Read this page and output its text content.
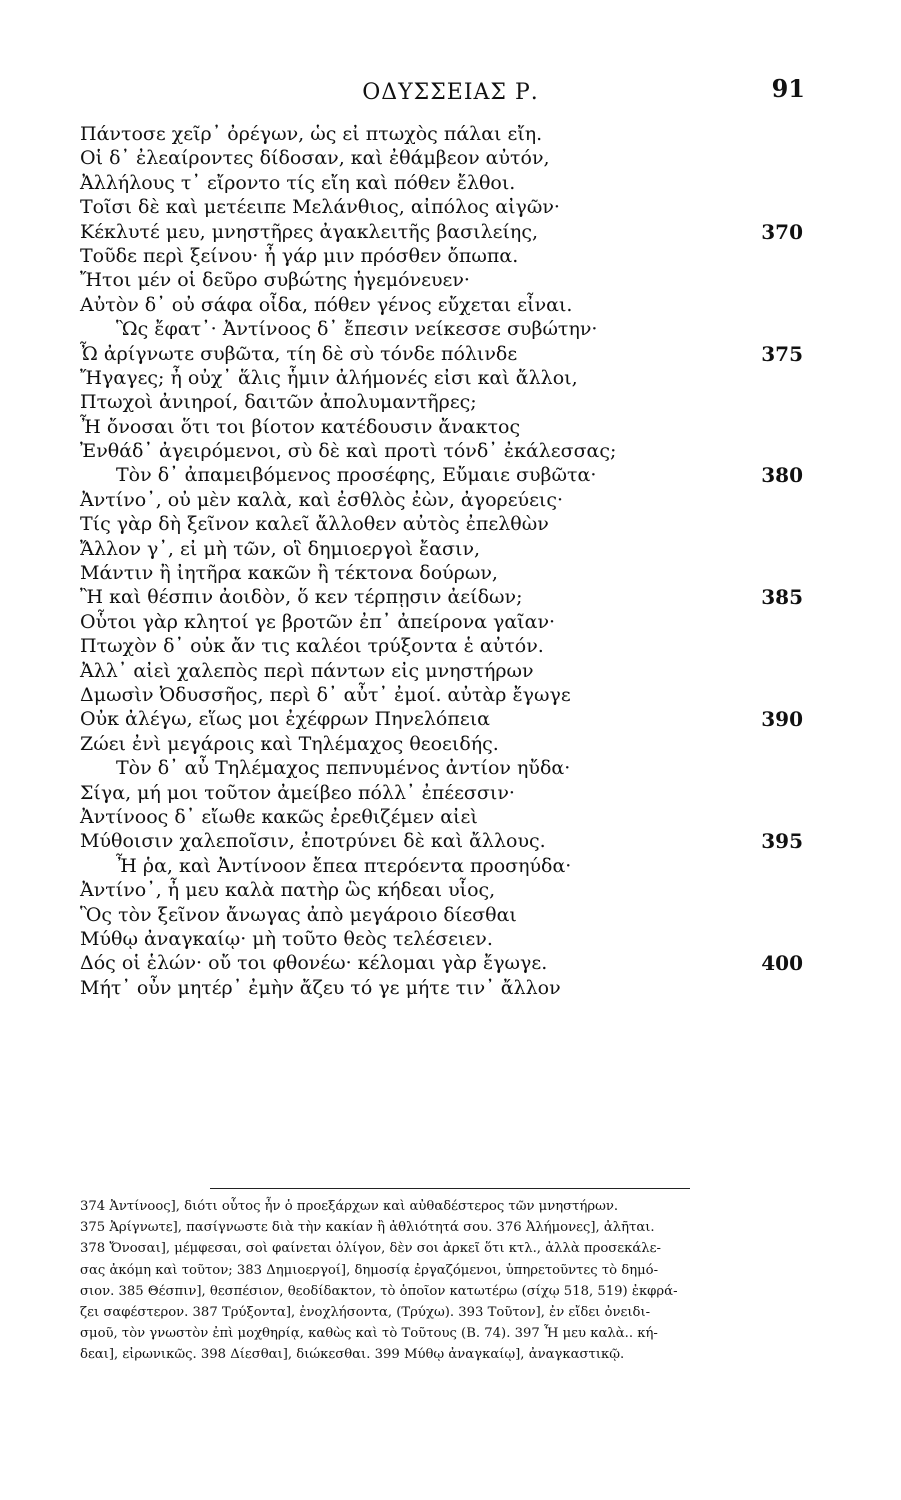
ΟΔΥΣΣΕΙΑΣ Ρ.	91
Πάντοσε χεῖρ᾽ ὀρέγων, ὡς εἰ πτωχὸς πάλαι εἴη.
Οἱ δ᾽ ἐλεαίροντες δίδοσαν, καὶ ἐθάμβεον αὐτόν,
Ἀλλήλους τ᾽ εἴροντο τίς εἴη καὶ πόθεν ἔλθοι.
Τοῖσι δὲ καὶ μετέειπε Μελάνθιος, αἰπόλος αἰγῶν·
Κέκλυτέ μευ, μνηστῆρες ἀγακλειτῆς βασιλείης,	370
Τοῦδε περὶ ξείνου· ἦ γάρ μιν πρόσθεν ὄπωπα.
Ἤτοι μέν οἱ δεῦρο συβώτης ἡγεμόνευεν·
Αὐτὸν δ᾽ οὐ σάφα οἶδα, πόθεν γένος εὔχεται εἶναι.
Ὣς ἔφατ᾽· Ἀντίνοος δ᾽ ἔπεσιν νείκεσσε συβώτην·
Ὦ ἀρίγνωτε συβῶτα, τίη δὲ σὺ τόνδε πόλινδε	375
Ἤγαγες; ἦ οὐχ᾽ ἅλις ἧμιν ἀλήμονές εἰσι καὶ ἄλλοι,
Πτωχοὶ ἀνιηροί, δαιτῶν ἀπολυμαντῆρες;
Ἦ ὄνοσαι ὅτι τοι βίοτον κατέδουσιν ἄνακτος
Ἐνθάδ᾽ ἀγειρόμενοι, σὺ δὲ καὶ προτὶ τόνδ᾽ ἐκάλεσσας;
Τὸν δ᾽ ἀπαμειβόμενος προσέφης, Εὔμαιε συβῶτα·	380
Ἀντίνο᾽, οὐ μὲν καλὰ, καὶ ἐσθλὸς ἐὼν, ἀγορεύεις·
Τίς γὰρ δὴ ξεῖνον καλεῖ ἄλλοθεν αὐτὸς ἐπελθὼν
Ἄλλον γ᾽, εἰ μὴ τῶν, οἳ δημιοεργοὶ ἔασιν,
Μάντιν ἢ ἰητῆρα κακῶν ἢ τέκτονα δούρων,
Ἢ καὶ θέσπιν ἀοιδὸν, ὅ κεν τέρπῃσιν ἀείδων;	385
Οὗτοι γὰρ κλητοί γε βροτῶν ἐπ᾽ ἀπείρονα γαῖαν·
Πτωχὸν δ᾽ οὐκ ἄν τις καλέοι τρύξοντα ἑ αὐτόν.
Ἀλλ᾽ αἰεὶ χαλεπὸς περὶ πάντων εἰς μνηστήρων
Δμωσὶν Ὀδυσσῆος, περὶ δ᾽ αὖτ᾽ ἐμοί. αὐτὰρ ἔγωγε
Οὐκ ἀλέγω, εἵως μοι ἐχέφρων Πηνελόπεια	390
Ζώει ἐνὶ μεγάροις καὶ Τηλέμαχος θεοειδής.
Τὸν δ᾽ αὖ Τηλέμαχος πεπνυμένος ἀντίον ηὔδα·
Σίγα, μή μοι τοῦτον ἀμείβεο πόλλ᾽ ἐπέεσσιν·
Ἀντίνοος δ᾽ εἴωθε κακῶς ἐρεθιζέμεν αἰεὶ
Μύθοισιν χαλεποῖσιν, ἐποτρύνει δὲ καὶ ἄλλους.	395
Ἦ ῥα, καὶ Ἀντίνοον ἔπεα πτερόεντα προσηύδα·
Ἀντίνο᾽, ἦ μευ καλὰ πατὴρ ὣς κήδεαι υἷος,
Ὃς τὸν ξεῖνον ἄνωγας ἀπὸ μεγάροιο δίεσθαι
Μύθῳ ἀναγκαίῳ· μὴ τοῦτο θεὸς τελέσειεν.
Δός οἱ ἑλών· οὔ τοι φθονέω· κέλομαι γὰρ ἔγωγε.	400
Μήτ᾽ οὖν μητέρ᾽ ἐμὴν ἄζευ τό γε μήτε τιν᾽ ἄλλον
374 Ἀντίνοος], διότι οὗτος ἦν ὁ προεξάρχων καὶ αὐθαδέστερος τῶν μνηστήρων.
375 Ἀρίγνωτε], πασίγνωστε διὰ τὴν κακίαν ἢ ἀθλιότητά σου. 376 Ἀλήμονες], ἀλῆται.
378 Ὄνοσαι], μέμφεσαι, σοὶ φαίνεται ὀλίγον, δὲν σοι ἀρκεῖ ὅτι κτλ., ἀλλὰ προσεκάλε-
σας ἀκόμη καὶ τοῦτον; 383 Δημιοεργοί], δημοσίᾳ ἐργαζόμενοι, ὑπηρετοῦντες τὸ δημό-
σιον. 385 Θέσπιν], θεσπέσιον, θεοδίδακτον, τὸ ὁποῖον κατωτέρω (σίχῳ 518, 519) ἐκφρά-
ζει σαφέστερον. 387 Τρύξοντα], ἐνοχλήσοντα, (Τρύχω). 393 Τοῦτον], ἐν εἴδει ὀνειδι-
σμοῦ, τὸν γνωστὸν ἐπὶ μοχθηρίᾳ, καθὼς καὶ τὸ Τοῦτους (Β. 74). 397 Ἦ μευ καλὰ.. κή-
δεαι], εἰρωνικῶς. 398 Δίεσθαι], διώκεσθαι. 399 Μύθῳ ἀναγκαίῳ], ἀναγκαστικῷ.
